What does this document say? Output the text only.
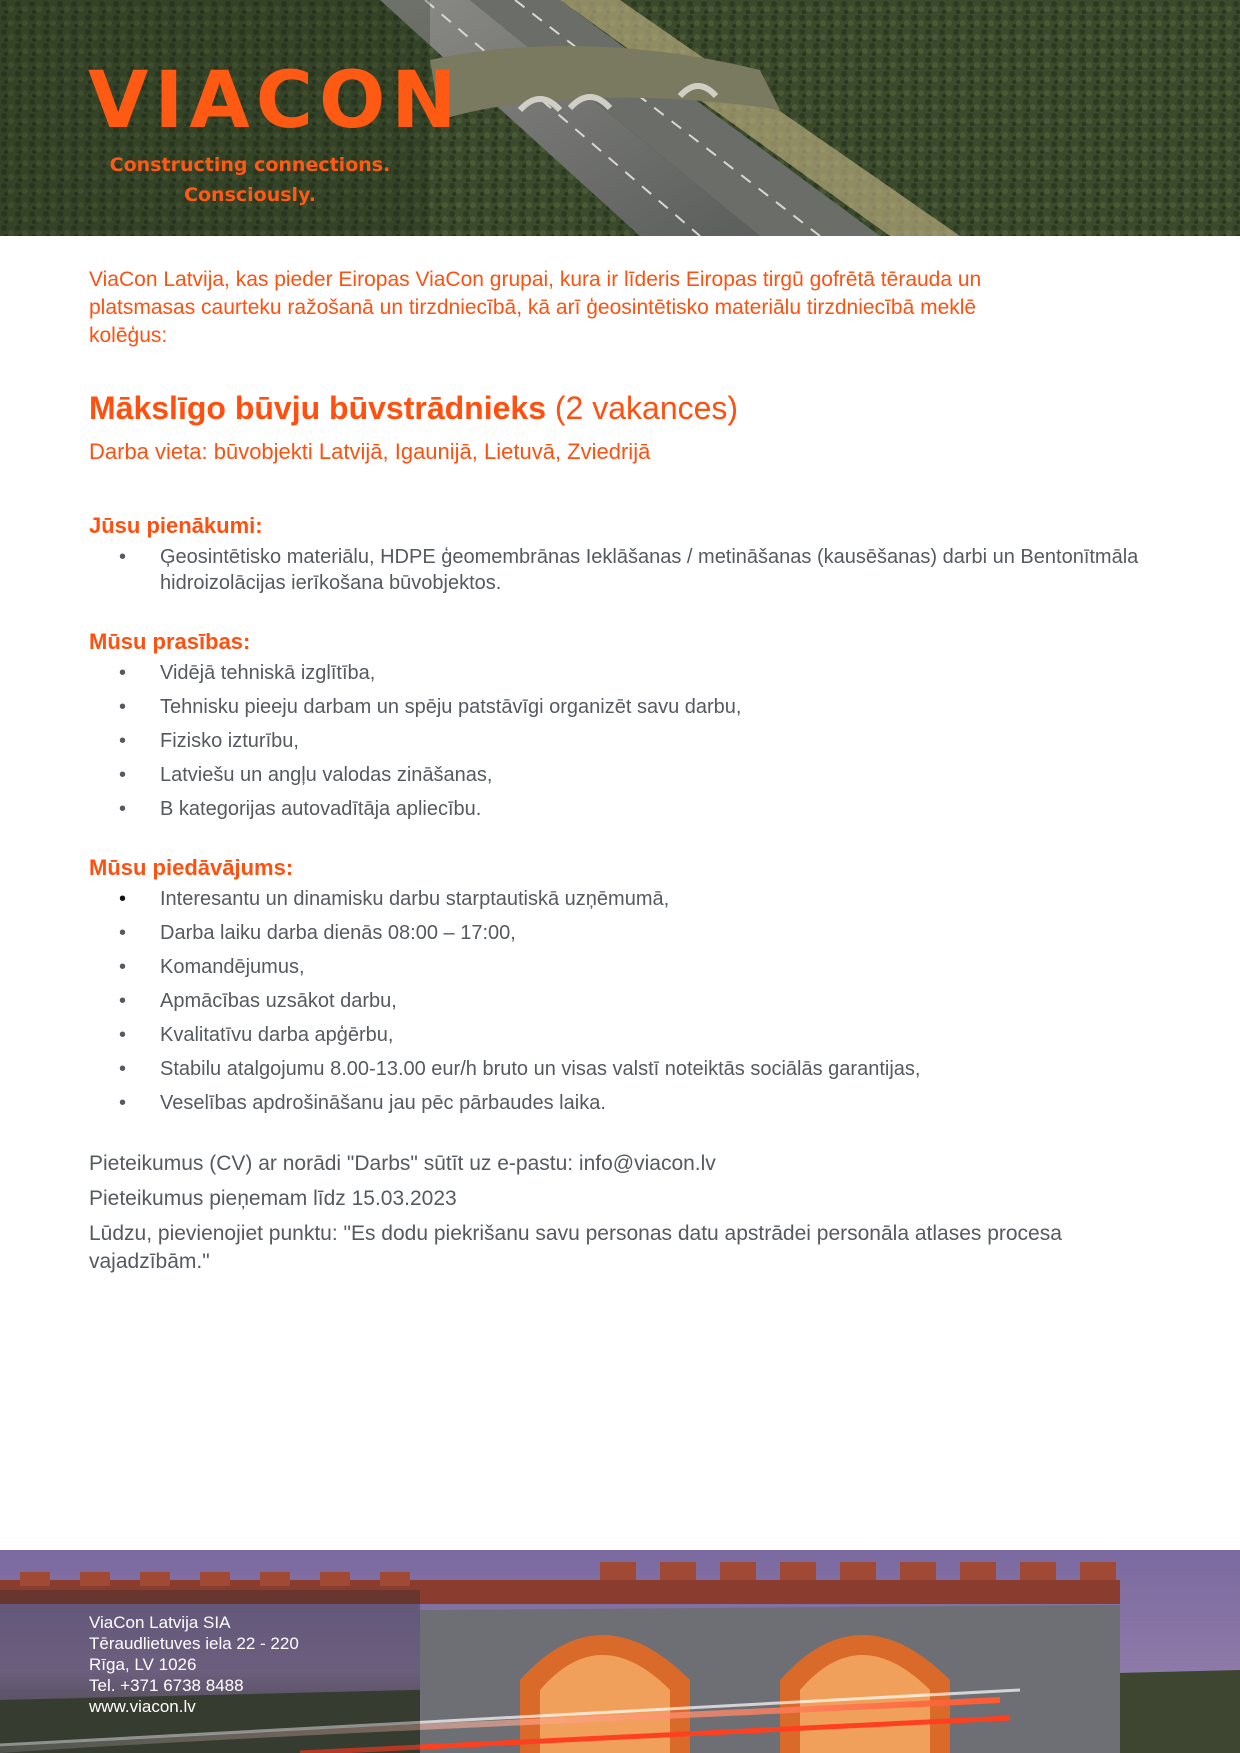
VIACON
Constructing connections.
Consciously.

ViaCon Latvija, kas pieder Eiropas ViaCon grupai, kura ir līderis Eiropas tirgū gofrētā tērauda un platsmasas caurteku ražošanā un tirzdniecībā, kā arī ģeosintētisko materiālu tirzdniecībā meklē kolēģus:

Mākslīgo būvju būvstrādnieks (2 vakances)

Darba vieta: būvobjekti Latvijā, Igaunijā, Lietuvā, Zviedrijā

Jūsu pienākumi:
• Ģeosintētisko materiālu, HDPE ģeomembrānas Ieklāšanas / metināšanas (kausēšanas) darbi un Bentonītmāla hidroizolācijas ierīkošana būvobjektos.
Mūsu prasības:
• Vidējā tehniskā izglītība,
• Tehnisku pieeju darbam un spēju patstāvīgi organizēt savu darbu,
• Fizisko izturību,
• Latviešu un angļu valodas zināšanas,
• B kategorijas autovadītāja apliecību.
Mūsu piedāvājums:
• Interesantu un dinamisku darbu starptautiskā uzņēmumā,
• Darba laiku darba dienās 08:00 – 17:00,
• Komandējumus,
• Apmācības uzsākot darbu,
• Kvalitatīvu darba apģērbu,
• Stabilu atalgojumu 8.00-13.00 eur/h bruto un visas valstī noteiktās sociālās garantijas,
• Veselības apdrošināšanu jau pēc pārbaudes laika.

Pieteikumus (CV) ar norādi "Darbs" sūtīt uz e-pastu: info@viacon.lv

Pieteikumus pieņemam līdz 15.03.2023

Lūdzu, pievienojiet punktu: "Es dodu piekrišanu savu personas datu apstrādei personāla atlases procesa vajadzībām."

ViaCon Latvija SIA
Tēraudlietuves iela 22 - 220
Rīga, LV 1026
Tel. +371 6738 8488
www.viacon.lv
